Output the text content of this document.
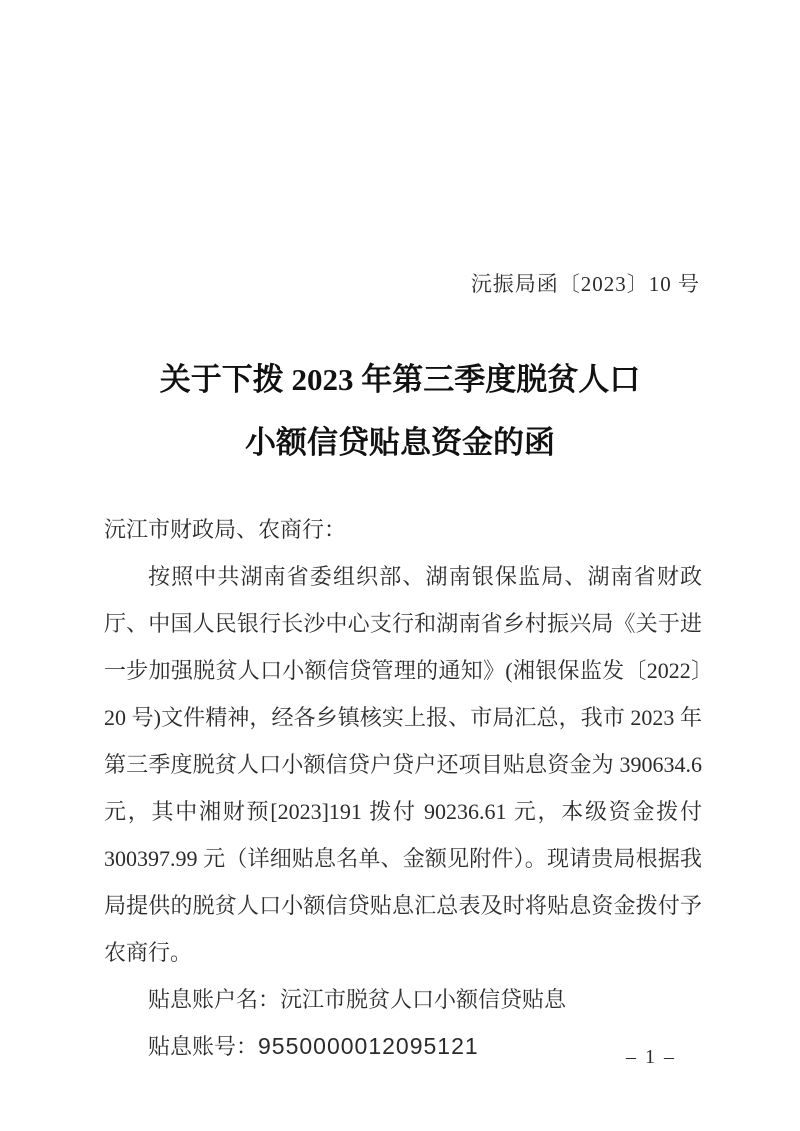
沅振局函〔2023〕10 号
关于下拨 2023 年第三季度脱贫人口
小额信贷贴息资金的函
沅江市财政局、农商行：

按照中共湖南省委组织部、湖南银保监局、湖南省财政厅、中国人民银行长沙中心支行和湖南省乡村振兴局《关于进一步加强脱贫人口小额信贷管理的通知》(湘银保监发〔2022〕20 号)文件精神，经各乡镇核实上报、市局汇总，我市 2023 年第三季度脱贫人口小额信贷户贷户还项目贴息资金为 390634.6 元，其中湘财预[2023]191 拨付 90236.61 元，本级资金拨付 300397.99 元（详细贴息名单、金额见附件）。现请贵局根据我局提供的脱贫人口小额信贷贴息汇总表及时将贴息资金拨付予农商行。

贴息账户名：沅江市脱贫人口小额信贷贴息
贴息账号：9550000012095121	– 1 –
